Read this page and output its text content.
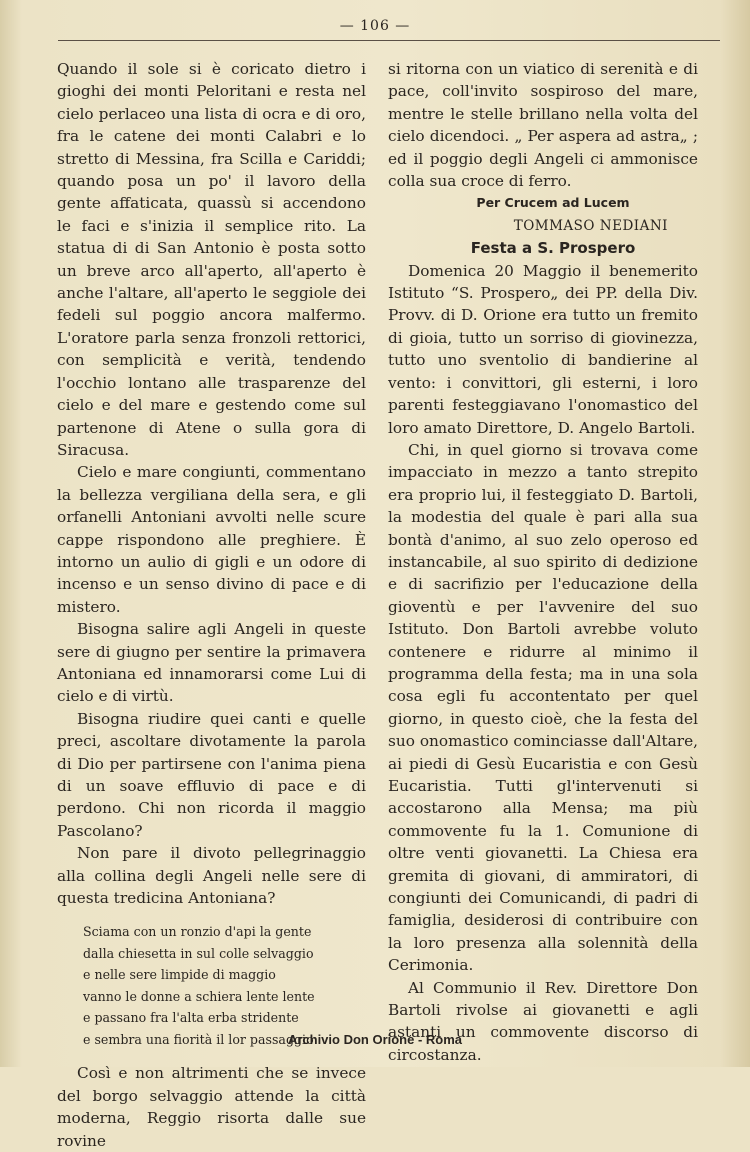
— 106 —

Quando il sole si è coricato dietro i gioghi dei monti Peloritani e resta nel cielo perlaceo una lista di ocra e di oro, fra le catene dei monti Calabri e lo stretto di Messina, fra Scilla e Cariddi; quando posa un po' il lavoro della gente affaticata, quassù si accendono le faci e s'inizia il semplice rito. La statua di di San Antonio è posta sotto un breve arco all'aperto, all'aperto è anche l'altare, all'aperto le seggiole dei fedeli sul poggio ancora malfermo. L'oratore parla senza fronzoli rettorici, con semplicità e verità, tendendo l'occhio lontano alle trasparenze del cielo e del mare e gestendo come sul partenone di Atene o sulla gora di Siracusa.

Cielo e mare congiunti, commentano la bellezza vergiliana della sera, e gli orfanelli Antoniani avvolti nelle scure cappe rispondono alle preghiere. È intorno un aulio di gigli e un odore di incenso e un senso divino di pace e di mistero.

Bisogna salire agli Angeli in queste sere di giugno per sentire la primavera Antoniana ed innamorarsi come Lui di cielo e di virtù.

Bisogna riudire quei canti e quelle preci, ascoltare divotamente la parola di Dio per partirsene con l'anima piena di un soave effluvio di pace e di perdono. Chi non ricorda il maggio Pascolano?

Non pare il divoto pellegrinaggio alla collina degli Angeli nelle sere di questa tredicina Antoniana?

Sciama con un ronzio d'api la gente
dalla chiesetta in sul colle selvaggio
e nelle sere limpide di maggio
vanno le donne a schiera lente lente
e passano fra l'alta erba stridente
e sembra una fiorità il lor passaggio

Così e non altrimenti che se invece del borgo selvaggio attende la città moderna, Reggio risorta dalle sue rovine

si ritorna con un viatico di serenità e di pace, coll'invito sospiroso del mare, mentre le stelle brillano nella volta del cielo dicendoci. „ Per aspera ad astra„ ; ed il poggio degli Angeli ci ammonisce colla sua croce di ferro.

Per Crucem ad Lucem

TOMMASO NEDIANI

Festa a S. Prospero

Domenica 20 Maggio il benemerito Istituto “S. Prospero„ dei PP. della Div. Provv. di D. Orione era tutto un fremito di gioia, tutto un sorriso di giovinezza, tutto uno sventolio di bandierine al vento: i convittori, gli esterni, i loro parenti festeggiavano l'onomastico del loro amato Direttore, D. Angelo Bartoli.

Chi, in quel giorno si trovava come impacciato in mezzo a tanto strepito era proprio lui, il festeggiato D. Bartoli, la modestia del quale è pari alla sua bontà d'animo, al suo zelo operoso ed instancabile, al suo spirito di dedizione e di sacrifizio per l'educazione della gioventù e per l'avvenire del suo Istituto. Don Bartoli avrebbe voluto contenere e ridurre al minimo il programma della festa; ma in una sola cosa egli fu accontentato per quel giorno, in questo cioè, che la festa del suo onomastico cominciasse dall'Altare, ai piedi di Gesù Eucaristia e con Gesù Eucaristia. Tutti gl'intervenuti si accostarono alla Mensa; ma più commovente fu la 1. Comunione di oltre venti giovanetti. La Chiesa era gremita di giovani, di ammiratori, di congiunti dei Comunicandi, di padri di famiglia, desiderosi di contribuire con la loro presenza alla solennità della Cerimonia.

Al Communio il Rev. Direttore Don Bartoli rivolse ai giovanetti e agli astanti un commovente discorso di circostanza.

Archivio Don Orione - Roma
